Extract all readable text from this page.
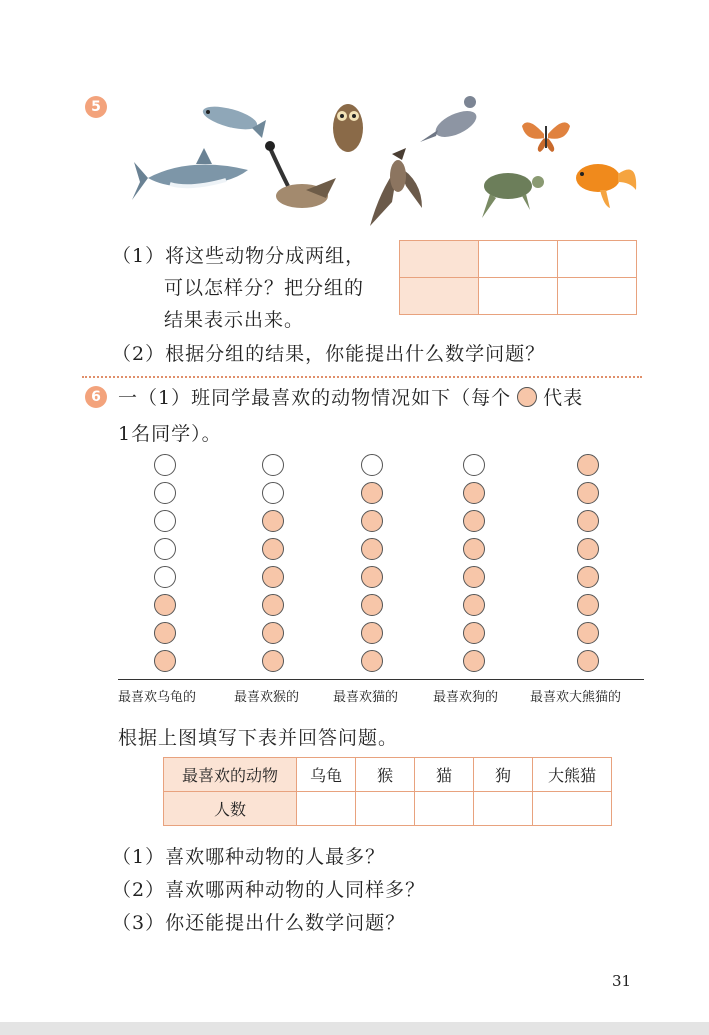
5
（1）将这些动物分成两组，
可以怎样分？把分组的
结果表示出来。

（2）根据分组的结果，你能提出什么数学问题？
6 一（1）班同学最喜欢的动物情况如下（每个 代表
1名同学）。
最喜欢乌龟的	最喜欢猴的	最喜欢猫的	最喜欢狗的 最喜欢大熊猫的
根据上图填写下表并回答问题。
最喜欢的动物	乌龟	猴	猫	狗	大熊猫
人数					
（1）喜欢哪种动物的人最多？
（2）喜欢哪两种动物的人同样多？
（3）你还能提出什么数学问题？
31
